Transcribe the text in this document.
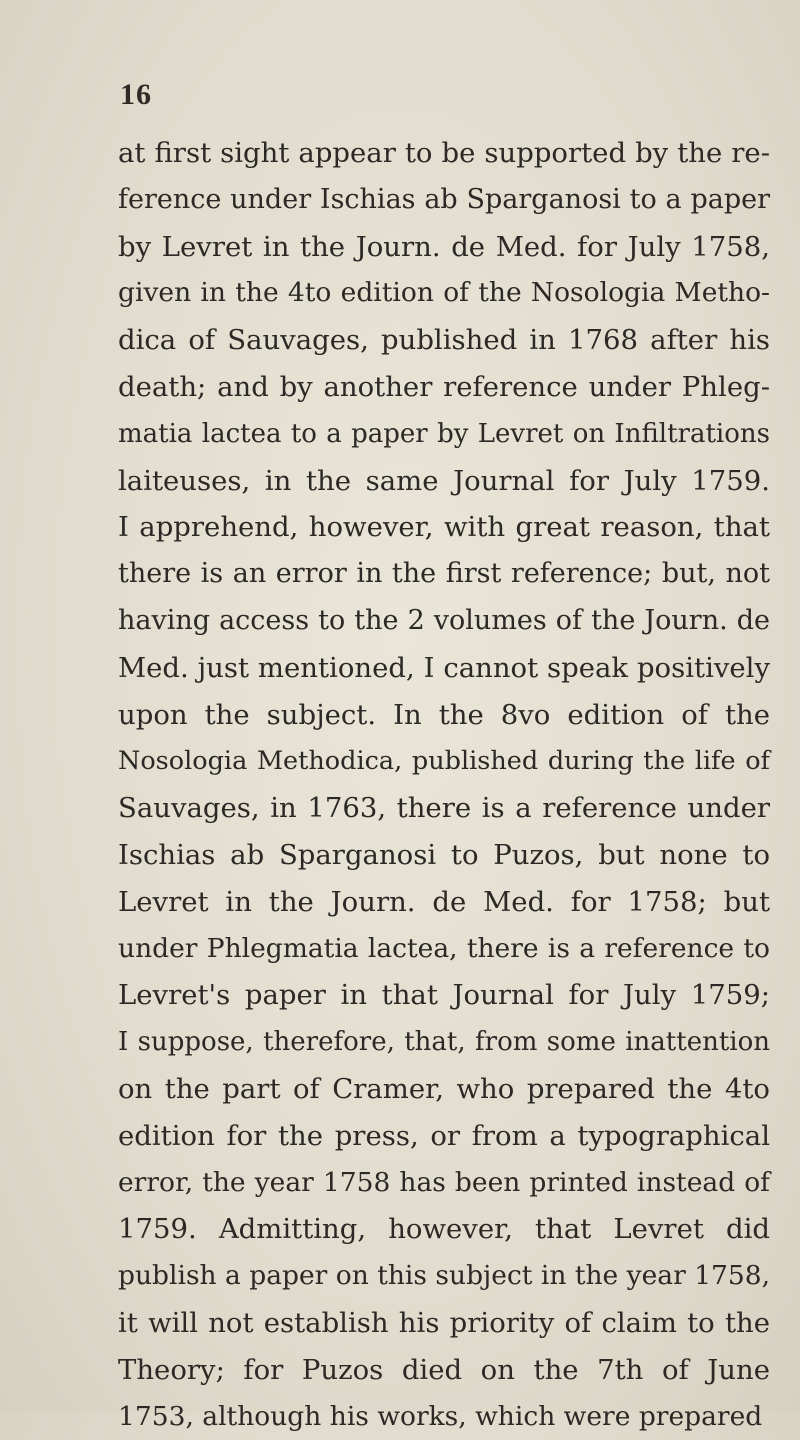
16
at first sight appear to be supported by the re-
ference under Ischias ab Sparganosi to a paper
by Levret in the Journ. de Med. for July 1758,
given in the 4to edition of the Nosologia Metho-
dica of Sauvages, published in 1768 after his
death; and by another reference under Phleg-
matia lactea to a paper by Levret on Infiltrations
laiteuses, in the same Journal for July 1759.
I apprehend, however, with great reason, that
there is an error in the first reference; but, not
having access to the 2 volumes of the Journ. de
Med. just mentioned, I cannot speak positively
upon the subject. In the 8vo edition of the
Nosologia Methodica, published during the life of
Sauvages, in 1763, there is a reference under
Ischias ab Sparganosi to Puzos, but none to
Levret in the Journ. de Med. for 1758; but
under Phlegmatia lactea, there is a reference to
Levret's paper in that Journal for July 1759;
I suppose, therefore, that, from some inattention
on the part of Cramer, who prepared the 4to
edition for the press, or from a typographical
error, the year 1758 has been printed instead of
1759. Admitting, however, that Levret did
publish a paper on this subject in the year 1758,
it will not establish his priority of claim to the
Theory; for Puzos died on the 7th of June
1753, although his works, which were prepared
